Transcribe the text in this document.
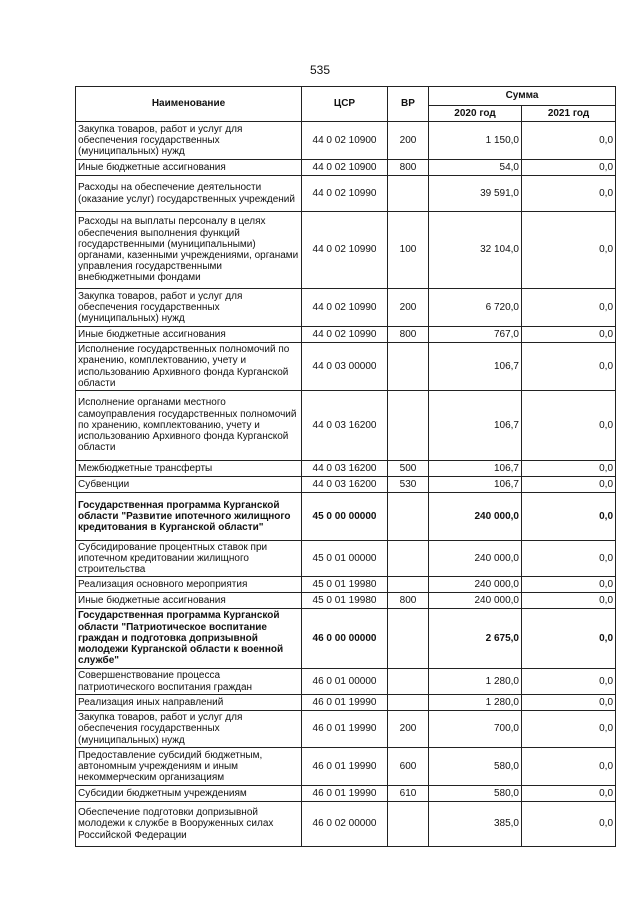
535
Наименование	ЦСР	ВР	Сумма	
			2020 год	2021 год
Закупка товаров, работ и услуг для обеспечения государственных (муниципальных) нужд	44 0 02 10900	200	1 150,0	0,0
Иные бюджетные ассигнования	44 0 02 10900	800	54,0	0,0
Расходы на обеспечение деятельности (оказание услуг) государственных учреждений	44 0 02 10990		39 591,0	0,0
Расходы на выплаты персоналу в целях обеспечения выполнения функций государственными (муниципальными) органами, казенными учреждениями, органами управления государственными внебюджетными фондами	44 0 02 10990	100	32 104,0	0,0
Закупка товаров, работ и услуг для обеспечения государственных (муниципальных) нужд	44 0 02 10990	200	6 720,0	0,0
Иные бюджетные ассигнования	44 0 02 10990	800	767,0	0,0
Исполнение государственных полномочий по хранению, комплектованию, учету и использованию Архивного фонда Курганской области	44 0 03 00000		106,7	0,0
Исполнение органами местного самоуправления государственных полномочий по хранению, комплектованию, учету и использованию Архивного фонда Курганской области	44 0 03 16200		106,7	0,0
Межбюджетные трансферты	44 0 03 16200	500	106,7	0,0
Субвенции	44 0 03 16200	530	106,7	0,0
Государственная программа Курганской области "Развитие ипотечного жилищного кредитования в Курганской области"	45 0 00 00000		240 000,0	0,0
Субсидирование процентных ставок при ипотечном кредитовании жилищного строительства	45 0 01 00000		240 000,0	0,0
Реализация основного мероприятия	45 0 01 19980		240 000,0	0,0
Иные бюджетные ассигнования	45 0 01 19980	800	240 000,0	0,0
Государственная программа Курганской области "Патриотическое воспитание граждан и подготовка допризывной молодежи Курганской области к военной службе"	46 0 00 00000		2 675,0	0,0
Совершенствование процесса патриотического воспитания граждан	46 0 01 00000		1 280,0	0,0
Реализация иных направлений	46 0 01 19990		1 280,0	0,0
Закупка товаров, работ и услуг для обеспечения государственных (муниципальных) нужд	46 0 01 19990	200	700,0	0,0
Предоставление субсидий бюджетным, автономным учреждениям и иным некоммерческим организациям	46 0 01 19990	600	580,0	0,0
Субсидии бюджетным учреждениям	46 0 01 19990	610	580,0	0,0
Обеспечение подготовки допризывной молодежи к службе в Вооруженных силах Российской Федерации	46 0 02 00000		385,0	0,0
